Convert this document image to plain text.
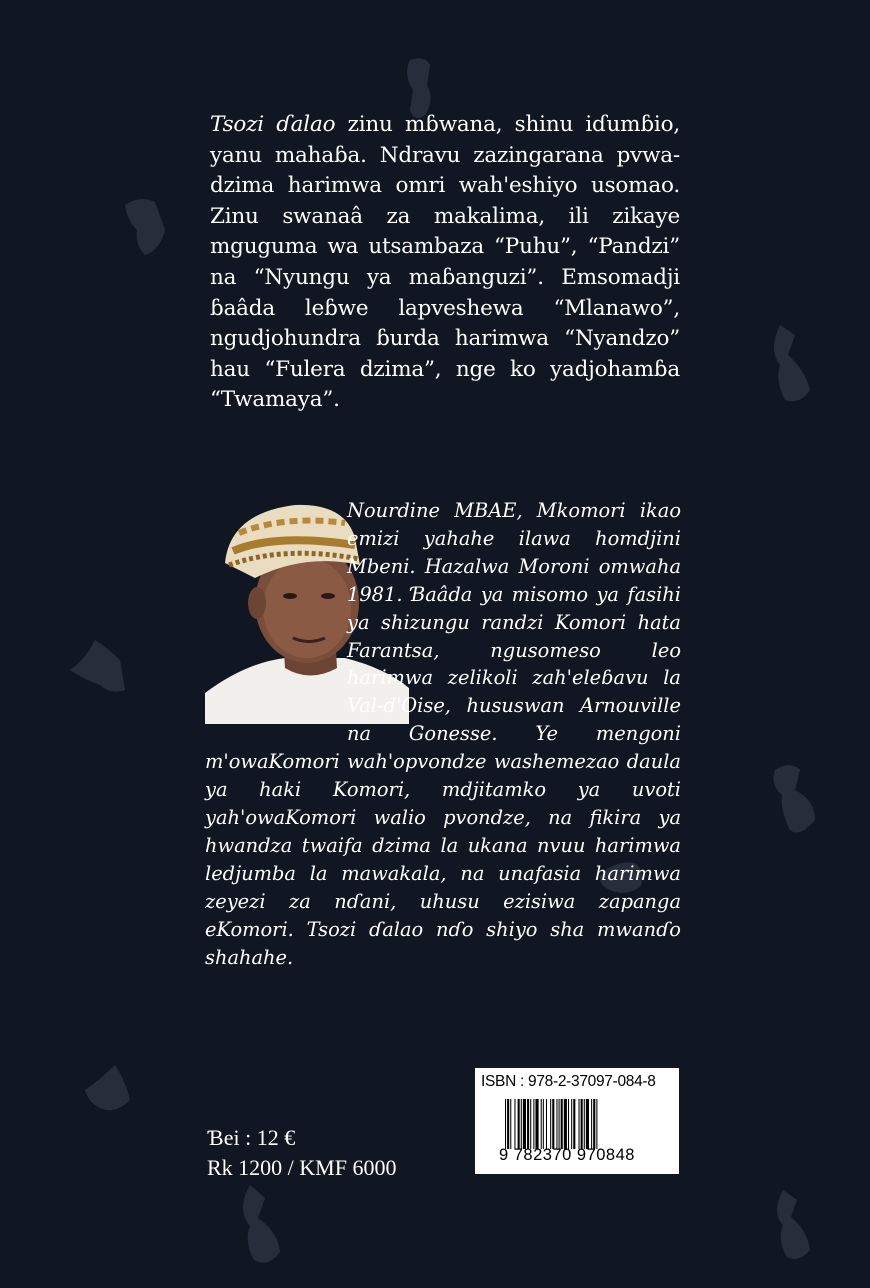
Tsozi ɗalao zinu mɓwana, shinu iɗumɓio, yanu mahaɓa. Ndravu zazingarana pvwa-dzima harimwa omri wah'eshiyo usomao. Zinu swanaâ za makalima, ili zikaye mguguma wa utsambaza “Puhu”, “Pandzi” na “Nyungu ya maɓanguzi”. Emsomadji ɓaâda leɓwe lapveshewa “Mlanawo”, ngudjohundra ɓurda harimwa “Nyandzo” hau “Fulera dzima”, nge ko yadjohamɓa “Twamaya”.

Nourdine MBAE, Mkomori ikao emizi yahahe ilawa homdjini Mbeni. Hazalwa Moroni omwaha 1981. Ɓaâda ya misomo ya fasihi ya shizungu randzi Komori hata Farantsa, ngusomeso leo harimwa zelikoli zah'eleɓavu la Val-d'Oise, hususwan Arnouville na Gonesse. Ye mengoni m'owaKomori wah'opvondze washemezao daula ya haki Komori, mdjitamko ya uvoti yah'owaKomori walio pvondze, na fikira ya hwandza twaifa dzima la ukana nvuu harimwa ledjumba la mawakala, na unafasia harimwa zeyezi za nɗani, uhusu ezisiwa zapanga eKomori. Tsozi ɗalao nɗo shiyo sha mwanɗo shahahe.

Ɓei : 12 €
Rk 1200 / KMF 6000
ISBN : 978-2-37097-084-8
9 782370 970848
